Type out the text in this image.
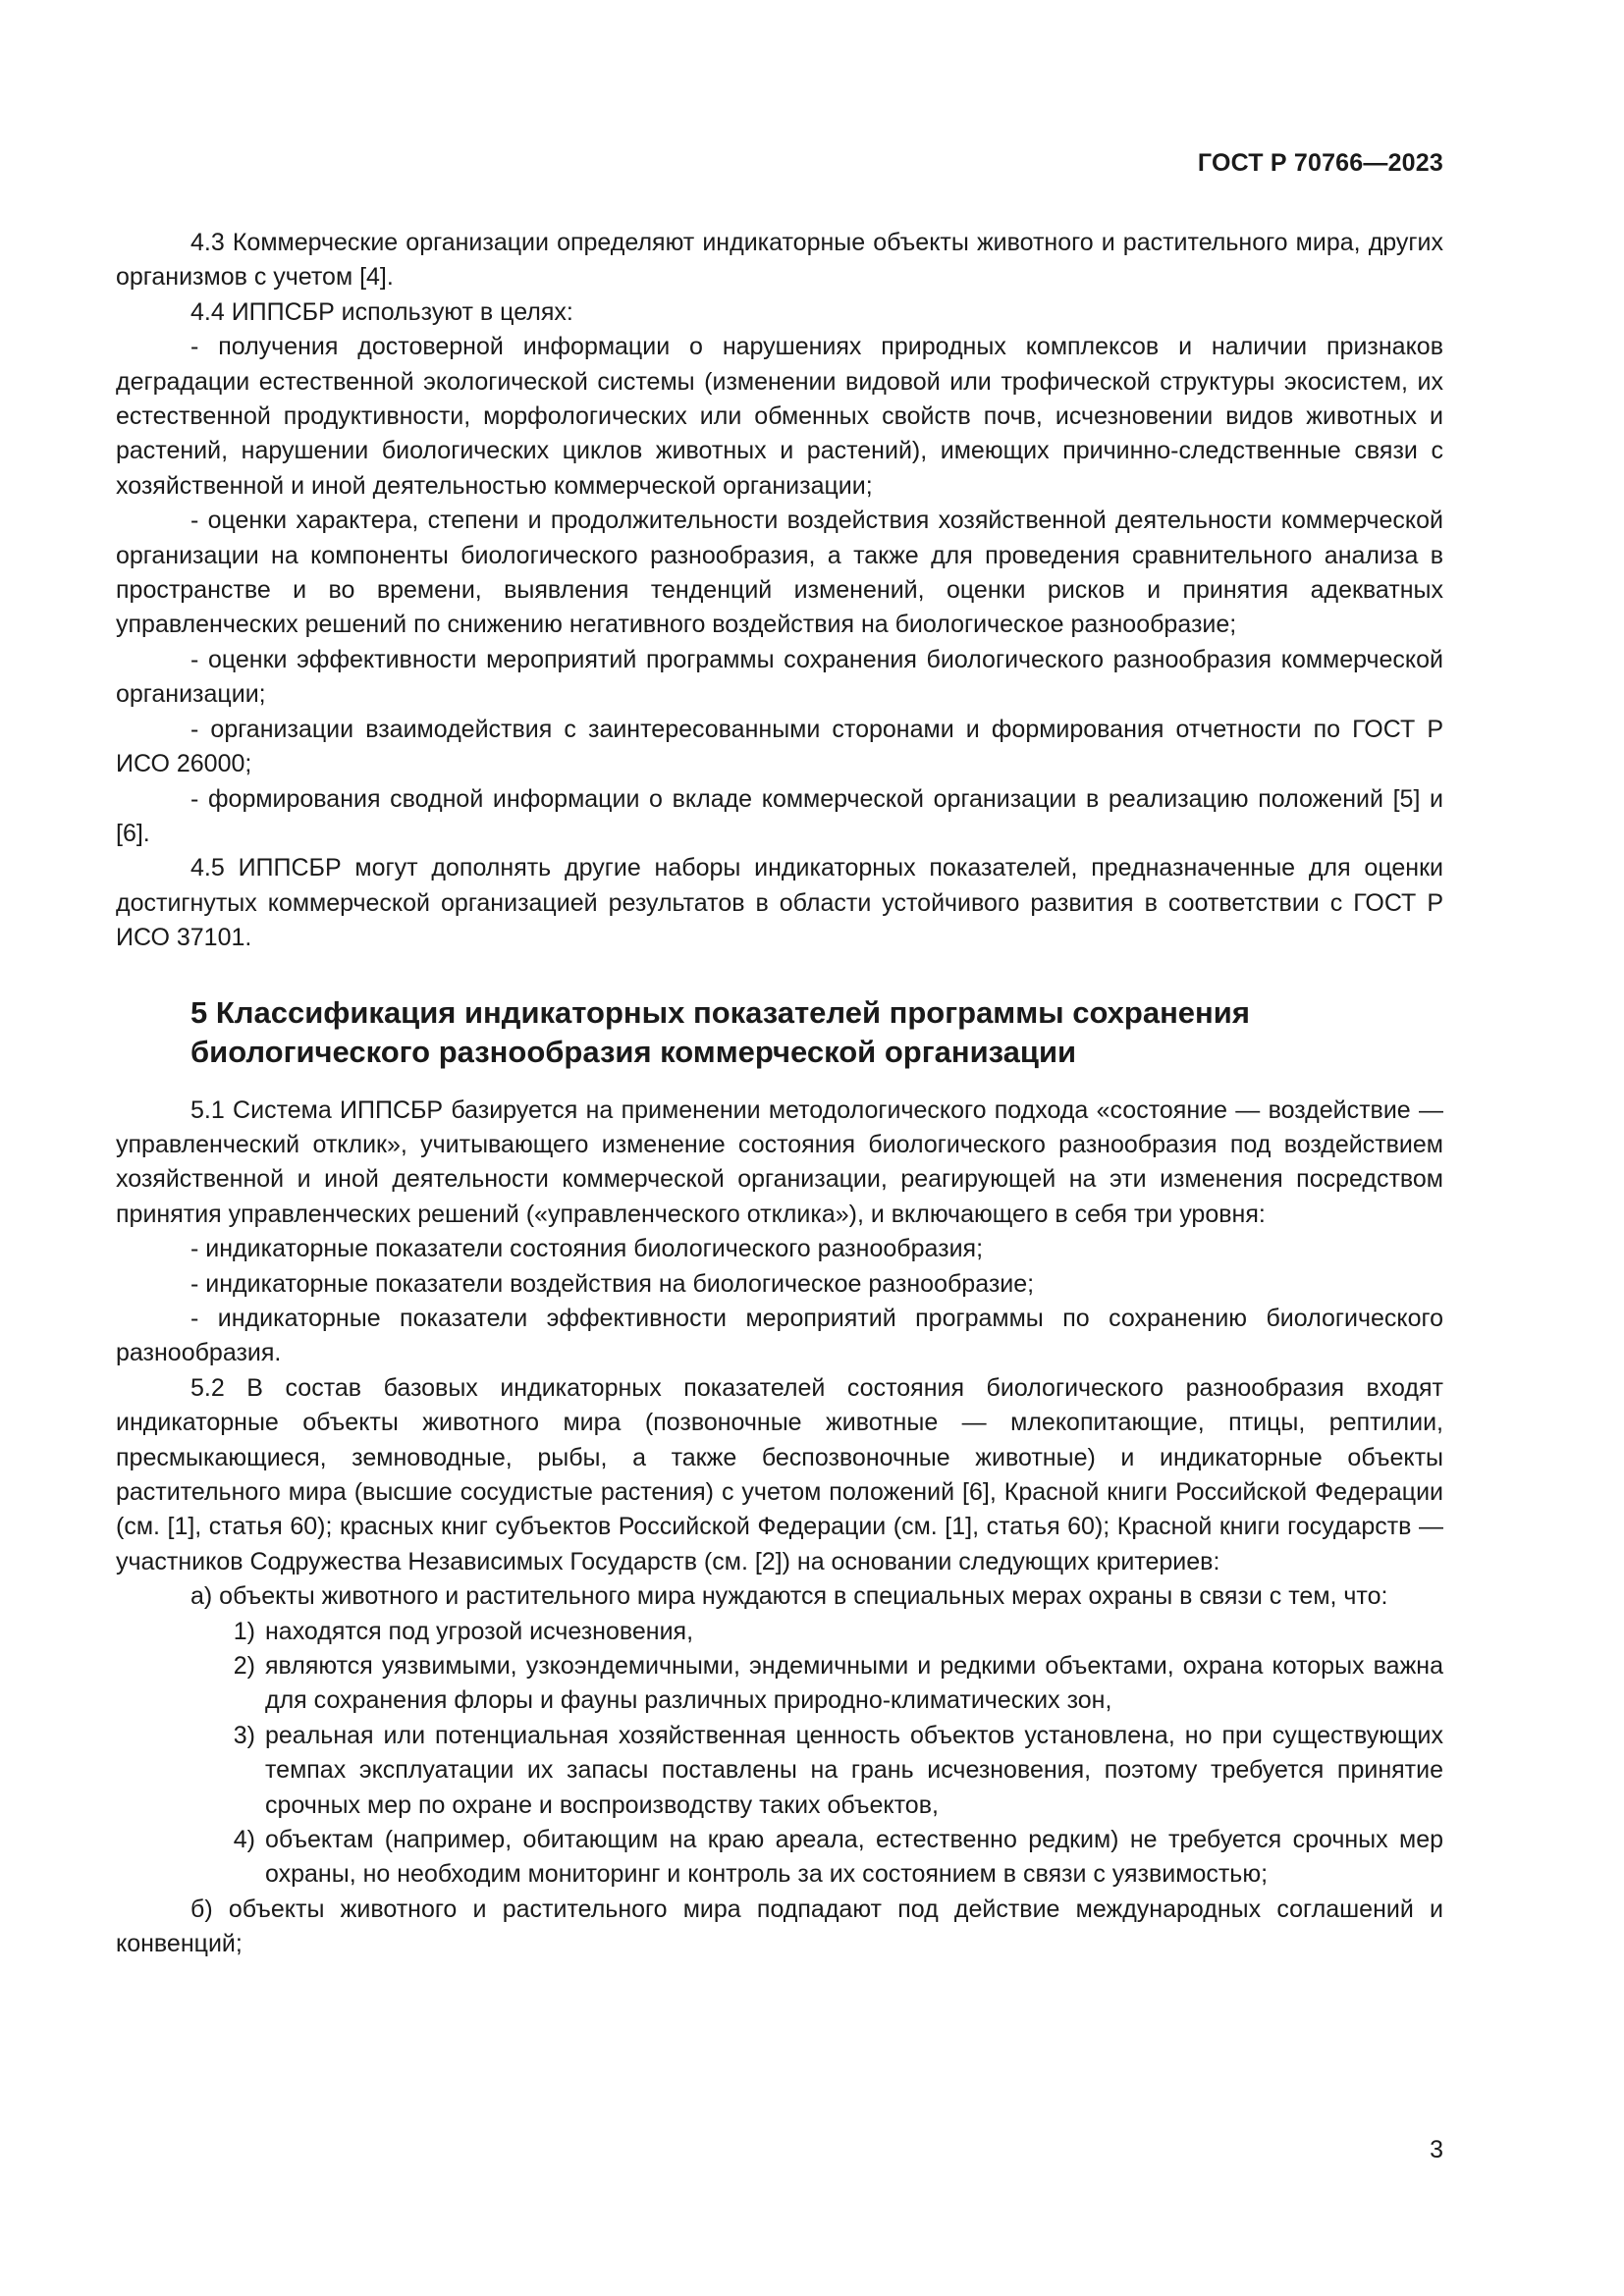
ГОСТ Р 70766—2023

4.3 Коммерческие организации определяют индикаторные объекты животного и растительного мира, других организмов с учетом [4].

4.4 ИППСБР используют в целях:

- получения достоверной информации о нарушениях природных комплексов и наличии признаков деградации естественной экологической системы (изменении видовой или трофической структуры экосистем, их естественной продуктивности, морфологических или обменных свойств почв, исчезновении видов животных и растений, нарушении биологических циклов животных и растений), имеющих причинно-следственные связи с хозяйственной и иной деятельностью коммерческой организации;

- оценки характера, степени и продолжительности воздействия хозяйственной деятельности коммерческой организации на компоненты биологического разнообразия, а также для проведения сравнительного анализа в пространстве и во времени, выявления тенденций изменений, оценки рисков и принятия адекватных управленческих решений по снижению негативного воздействия на биологическое разнообразие;

- оценки эффективности мероприятий программы сохранения биологического разнообразия коммерческой организации;

- организации взаимодействия с заинтересованными сторонами и формирования отчетности по ГОСТ Р ИСО 26000;

- формирования сводной информации о вкладе коммерческой организации в реализацию положений [5] и [6].

4.5 ИППСБР могут дополнять другие наборы индикаторных показателей, предназначенные для оценки достигнутых коммерческой организацией результатов в области устойчивого развития в соответствии с ГОСТ Р ИСО 37101.

5 Классификация индикаторных показателей программы сохранения
биологического разнообразия коммерческой организации

5.1 Система ИППСБР базируется на применении методологического подхода «состояние — воздействие — управленческий отклик», учитывающего изменение состояния биологического разнообразия под воздействием хозяйственной и иной деятельности коммерческой организации, реагирующей на эти изменения посредством принятия управленческих решений («управленческого отклика»), и включающего в себя три уровня:

- индикаторные показатели состояния биологического разнообразия;

- индикаторные показатели воздействия на биологическое разнообразие;

- индикаторные показатели эффективности мероприятий программы по сохранению биологического разнообразия.

5.2 В состав базовых индикаторных показателей состояния биологического разнообразия входят индикаторные объекты животного мира (позвоночные животные — млекопитающие, птицы, рептилии, пресмыкающиеся, земноводные, рыбы, а также беспозвоночные животные) и индикаторные объекты растительного мира (высшие сосудистые растения) с учетом положений [6], Красной книги Российской Федерации (см. [1], статья 60); красных книг субъектов Российской Федерации (см. [1], статья 60); Красной книги государств — участников Содружества Независимых Государств (см. [2]) на основании следующих критериев:

а) объекты животного и растительного мира нуждаются в специальных мерах охраны в связи с тем, что:

1) находятся под угрозой исчезновения,
2) являются уязвимыми, узкоэндемичными, эндемичными и редкими объектами, охрана которых важна для сохранения флоры и фауны различных природно-климатических зон,
3) реальная или потенциальная хозяйственная ценность объектов установлена, но при существующих темпах эксплуатации их запасы поставлены на грань исчезновения, поэтому требуется принятие срочных мер по охране и воспроизводству таких объектов,
4) объектам (например, обитающим на краю ареала, естественно редким) не требуется срочных мер охраны, но необходим мониторинг и контроль за их состоянием в связи с уязвимостью;

б) объекты животного и растительного мира подпадают под действие международных соглашений и конвенций;

3
